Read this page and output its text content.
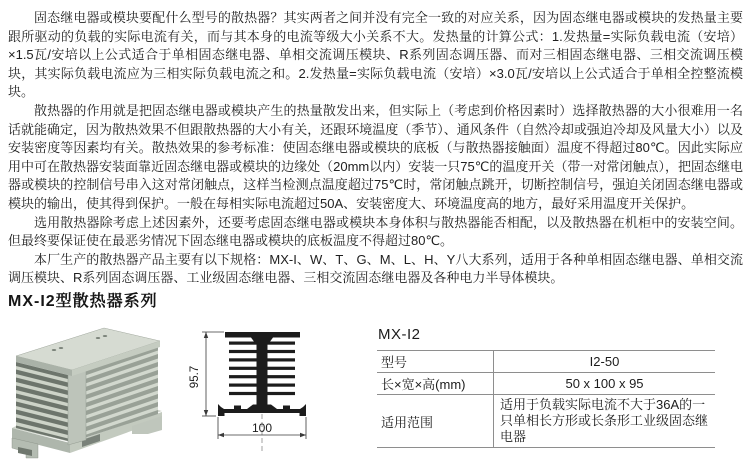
固态继电器或模块要配什么型号的散热器？其实两者之间并没有完全一致的对应关系，因为固态继电器或模块的发热量主要跟所驱动的负载的实际电流有关，而与其本身的电流等级大小关系不大。发热量的计算公式：1.发热量=实际负载电流（安培）×1.5瓦/安培以上公式适合于单相固态继电器、单相交流调压模块、R系列固态调压器、而对三相固态继电器、三相交流调压模块，其实际负载电流应为三相实际负载电流之和。2.发热量=实际负载电流（安培）×3.0瓦/安培以上公式适合于单相全控整流模块。

散热器的作用就是把固态继电器或模块产生的热量散发出来，但实际上（考虑到价格因素时）选择散热器的大小很难用一名话就能确定，因为散热效果不但跟散热器的大小有关，还跟环境温度（季节）、通风条件（自然冷却或强迫冷却及风量大小）以及安装密度等因素均有关。散热效果的参考标准：使固态继电器或模块的底板（与散热器接触面）温度不得超过80℃。因此实际应用中可在散热器安装面靠近固态继电器或模块的边缘处（20mm以内）安装一只75℃的温度开关（带一对常闭触点），把固态继电器或模块的控制信号串入这对常闭触点，这样当检测点温度超过75℃时，常闭触点跳开，切断控制信号，强迫关闭固态继电器或模块的输出，使其得到保护。一般在每相实际电流超过50A、安装密度大、环境温度高的地方，最好采用温度开关保护。

选用散热器除考虑上述因素外，还要考虑固态继电器或模块本身体积与散热器能否相配，以及散热器在机柜中的安装空间。但最终要保证使在最恶劣情况下固态继电器或模块的底板温度不得超过80℃。

本厂生产的散热器产品主要有以下规格：MX-I、W、T、G、M、L、H、Y八大系列，适用于各种单相固态继电器、单相交流调压模块、R系列固态调压器、工业级固态继电器、三相交流固态继电器及各种电力半导体模块。

MX-I2型散热器系列
95.7
100
MX-I2
型号	I2-50
长×宽×高(mm)	50 x 100 x 95
适用范围	适用于负载实际电流不大于36A的一只单相长方形或长条形工业级固态继电器
